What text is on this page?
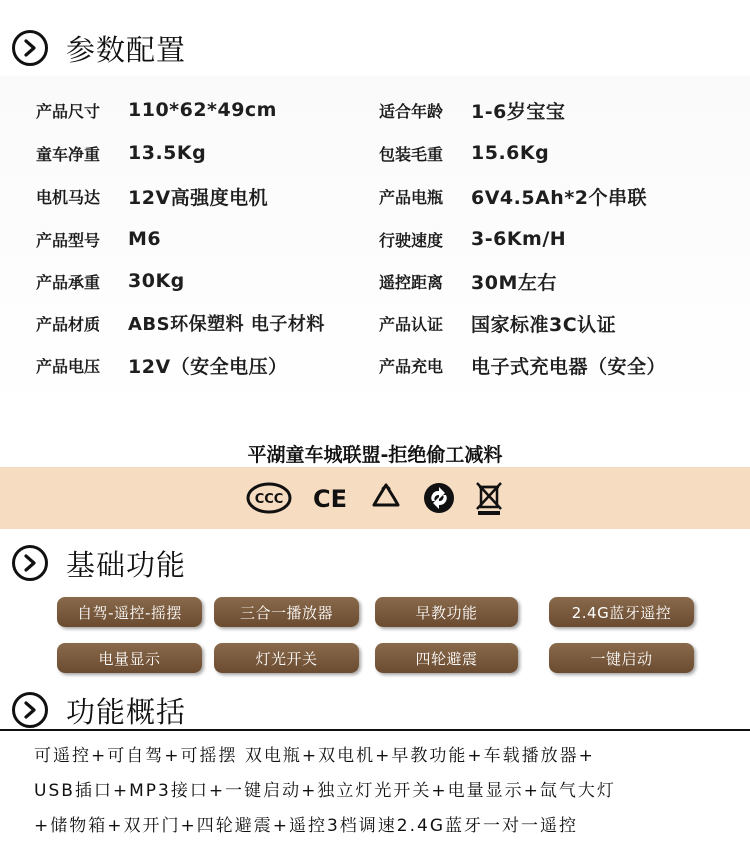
参数配置
产品尺寸	110*62*49cm	适合年龄	1-6岁宝宝
童车净重	13.5Kg	包装毛重	15.6Kg
电机马达	12V高强度电机	产品电瓶	6V4.5Ah*2个串联
产品型号	M6	行驶速度	3-6Km/H
产品承重	30Kg	遥控距离	30M左右
产品材质	ABS环保塑料 电子材料	产品认证	国家标准3C认证
产品电压	12V（安全电压）	产品充电	电子式充电器（安全）
平湖童车城联盟-拒绝偷工减料
CCC CE
基础功能
自驾-遥控-摇摆	三合一播放器	早教功能	2.4G蓝牙遥控
电量显示	灯光开关	四轮避震	一键启动
功能概括
可遥控+可自驾+可摇摆 双电瓶+双电机+早教功能+车载播放器+
USB插口+MP3接口+一键启动+独立灯光开关+电量显示+氙气大灯
+储物箱+双开门+四轮避震+遥控3档调速2.4G蓝牙一对一遥控
